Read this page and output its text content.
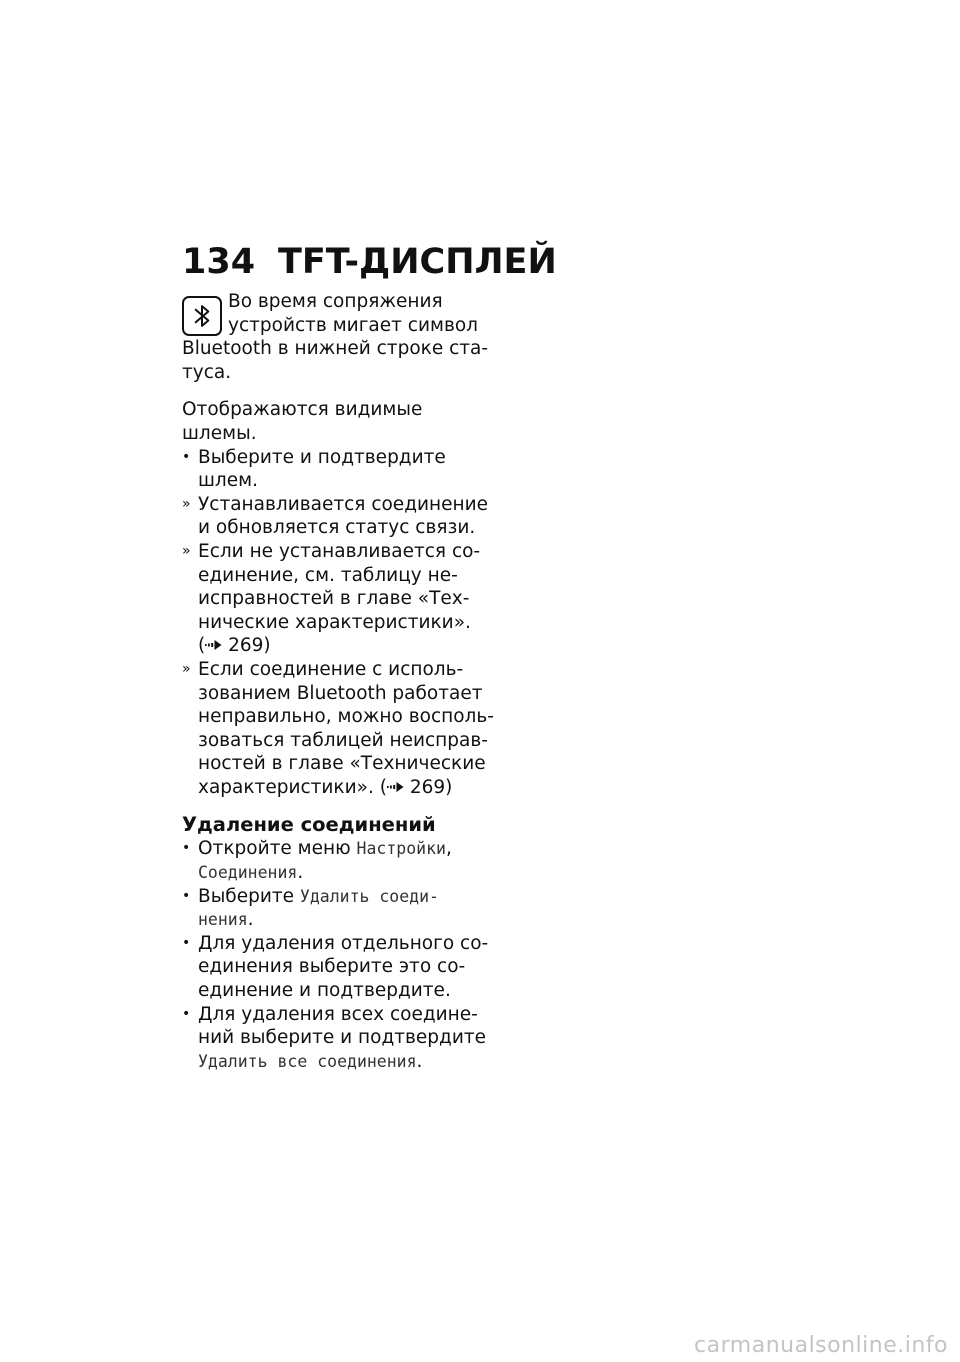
134 TFT-ДИСПЛЕЙ
Во время сопряжения
устройств мигает символ
Bluetooth в нижней строке ста-
туса.
Отображаются видимые
шлемы.
• Выберите и подтвердите
шлем.
» Устанавливается соединение
и обновляется статус связи.
» Если не устанавливается со-
единение, см. таблицу не-
исправностей в главе «Тех-
нические характеристики».
( 269)
» Если соединение с исполь-
зованием Bluetooth работает
неправильно, можно восполь-
зоваться таблицей неисправ-
ностей в главе «Технические
характеристики». ( 269)
Удаление соединений
• Откройте меню Настройки,
Соединения.
• Выберите Удалить соеди-
нения.
• Для удаления отдельного со-
единения выберите это со-
единение и подтвердите.
• Для удаления всех соедине-
ний выберите и подтвердите
Удалить все соединения.
carmanualsonline.info
